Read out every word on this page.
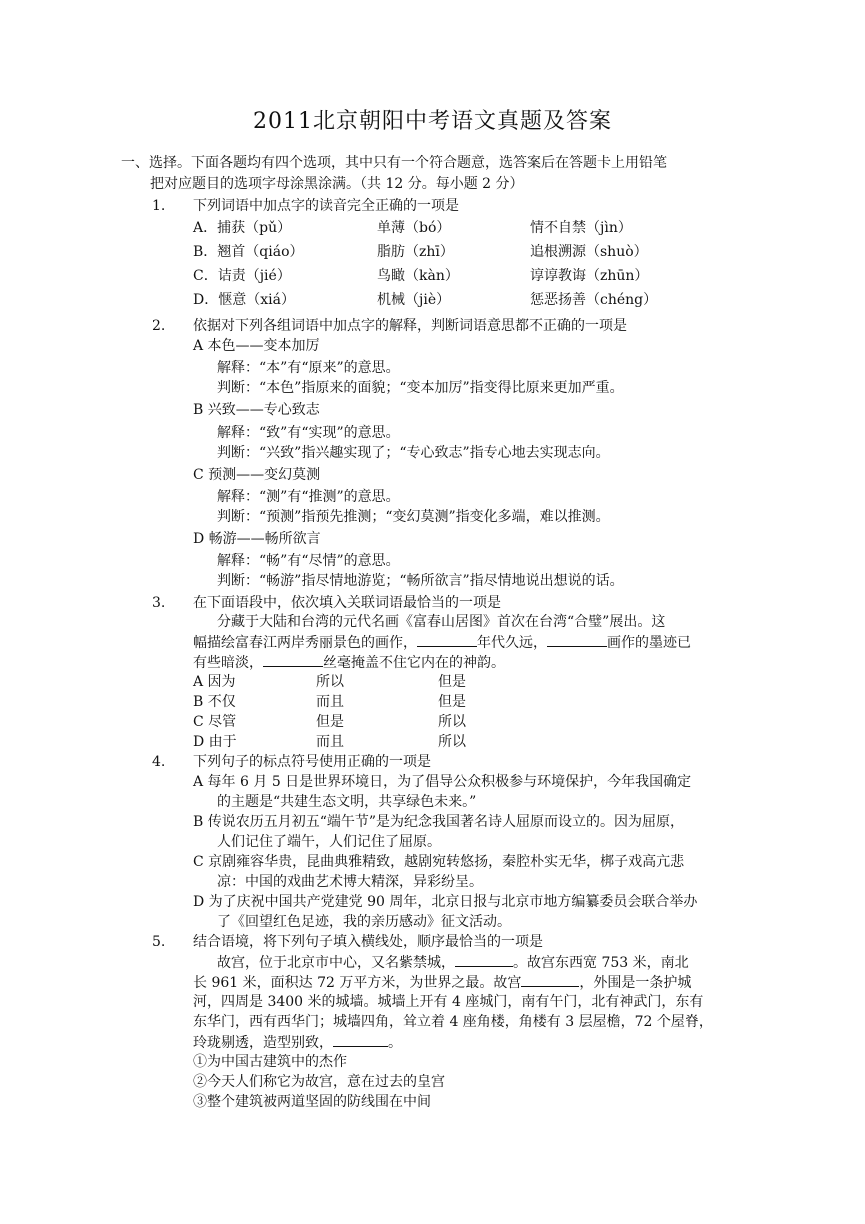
2011北京朝阳中考语文真题及答案
一、选择。下面各题均有四个选项，其中只有一个符合题意，选答案后在答题卡上用铅笔
把对应题目的选项字母涂黑涂满。（共 12 分。每小题 2 分）
1. 下列词语中加点字的读音完全正确的一项是
A．捕获（pǔ）	单薄（bó）	情不自禁（jìn）
B．翘首（qiáo）	脂肪（zhī）	追根溯源（shuò）
C．诘责（jié）	鸟瞰（kàn）	谆谆教诲（zhūn）
D．惬意（xiá）	机械（jiè）	惩恶扬善（chéng）
2. 依据对下列各组词语中加点字的解释，判断词语意思都不正确的一项是
A 本色——变本加厉
解释：“本”有“原来”的意思。
判断：“本色”指原来的面貌；“变本加厉”指变得比原来更加严重。
B 兴致——专心致志
解释：“致”有“实现”的意思。
判断：“兴致”指兴趣实现了；“专心致志”指专心地去实现志向。
C 预测——变幻莫测
解释：“测”有“推测”的意思。
判断：“预测”指预先推测；“变幻莫测”指变化多端，难以推测。
D 畅游——畅所欲言
解释：“畅”有“尽情”的意思。
判断：“畅游”指尽情地游览；“畅所欲言”指尽情地说出想说的话。
3. 在下面语段中，依次填入关联词语最恰当的一项是
分藏于大陆和台湾的元代名画《富春山居图》首次在台湾“合璧”展出。这
幅描绘富春江两岸秀丽景色的画作，	年代久远，	画作的墨迹已
有些暗淡，	丝毫掩盖不住它内在的神韵。
A 因为	所以	但是
B 不仅	而且	但是
C 尽管	但是	所以
D 由于	而且	所以
4. 下列句子的标点符号使用正确的一项是
A 每年 6 月 5 日是世界环境日，为了倡导公众积极参与环境保护，今年我国确定
的主题是“共建生态文明，共享绿色未来。”
B 传说农历五月初五“端午节”是为纪念我国著名诗人屈原而设立的。因为屈原，
人们记住了端午，人们记住了屈原。
C 京剧雍容华贵，昆曲典雅精致，越剧宛转悠扬，秦腔朴实无华，梆子戏高亢悲
凉：中国的戏曲艺术博大精深，异彩纷呈。
D 为了庆祝中国共产党建党 90 周年，北京日报与北京市地方编纂委员会联合举办
了《回望红色足迹，我的亲历感动》征文活动。
5. 结合语境，将下列句子填入横线处，顺序最恰当的一项是
故宫，位于北京市中心，又名紫禁城，	。故宫东西宽 753 米，南北
长 961 米，面积达 72 万平方米，为世界之最。故宫	，外围是一条护城
河，四周是 3400 米的城墙。城墙上开有 4 座城门，南有午门，北有神武门，东有
东华门，西有西华门；城墙四角，耸立着 4 座角楼，角楼有 3 层屋檐，72 个屋脊，
玲珑剔透，造型别致，	。
①为中国古建筑中的杰作
②今天人们称它为故宫，意在过去的皇宫
③整个建筑被两道坚固的防线围在中间
